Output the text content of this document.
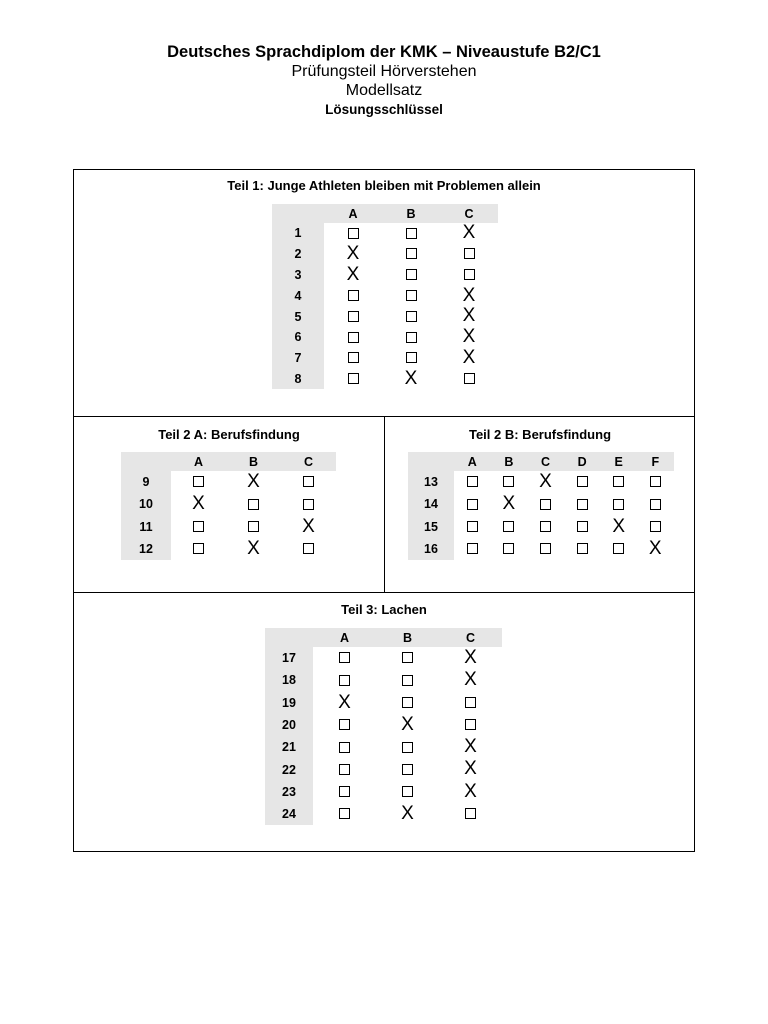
Deutsches Sprachdiplom der KMK – Niveaustufe B2/C1
Prüfungsteil Hörverstehen
Modellsatz
Lösungsschlüssel
Teil 1: Junge Athleten bleiben mit Problemen allein
	A	B	C
1			X
2	X		
3	X		
4			X
5			X
6			X
7			X
8		X	
Teil 2 A: Berufsfindung
	A	B	C
9		X	
10	X		
11			X
12		X	
Teil 2 B: Berufsfindung
	A	B	C	D	E	F
13			X			
14		X				
15					X	
16						X
Teil 3: Lachen
	A	B	C
17			X
18			X
19	X		
20		X	
21			X
22			X
23			X
24		X	
